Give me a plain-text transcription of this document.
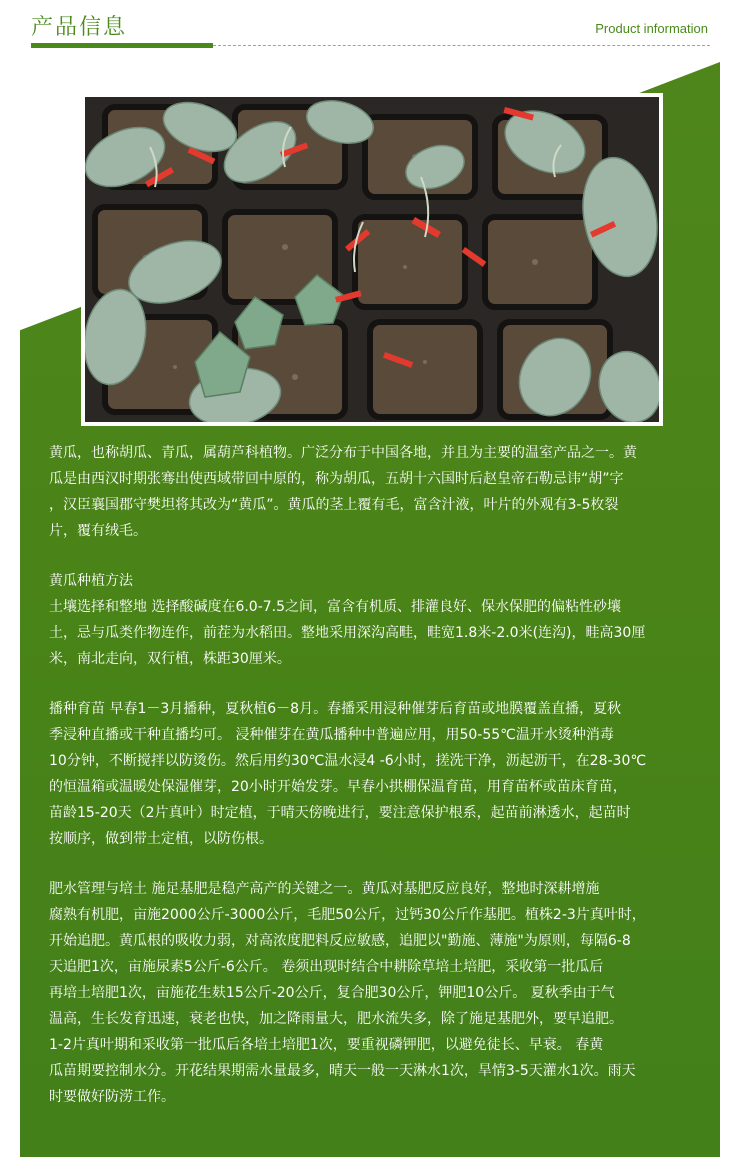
产品信息	Product information

黄瓜，也称胡瓜、青瓜，属葫芦科植物。广泛分布于中国各地，并且为主要的温室产品之一。黄

瓜是由西汉时期张骞出使西域带回中原的，称为胡瓜，五胡十六国时后赵皇帝石勒忌讳“胡”字

，汉臣襄国郡守樊坦将其改为“黄瓜”。黄瓜的茎上覆有毛，富含汁液，叶片的外观有3-5枚裂

片，覆有绒毛。

黄瓜种植方法

土壤选择和整地 选择酸碱度在6.0-7.5之间，富含有机质、排灌良好、保水保肥的偏粘性砂壤

土，忌与瓜类作物连作，前茬为水稻田。整地采用深沟高畦，畦宽1.8米-2.0米(连沟)，畦高30厘

米，南北走向，双行植，株距30厘米。

播种育苗 早春1－3月播种，夏秋植6－8月。春播采用浸种催芽后育苗或地膜覆盖直播，夏秋

季浸种直播或干种直播均可。 浸种催芽在黄瓜播种中普遍应用，用50-55℃温开水烫种消毒

10分钟，不断搅拌以防烫伤。然后用约30℃温水浸4 -6小时，搓洗干净，沥起沥干，在28-30℃

的恒温箱或温暖处保湿催芽，20小时开始发芽。早春小拱棚保温育苗，用育苗杯或苗床育苗，

苗龄15-20天（2片真叶）时定植，于晴天傍晚进行，要注意保护根系，起苗前淋透水，起苗时

按顺序，做到带土定植，以防伤根。

肥水管理与培土 施足基肥是稳产高产的关键之一。黄瓜对基肥反应良好，整地时深耕增施

腐熟有机肥，亩施2000公斤-3000公斤，毛肥50公斤，过钙30公斤作基肥。植株2-3片真叶时，

开始追肥。黄瓜根的吸收力弱，对高浓度肥料反应敏感，追肥以"勤施、薄施"为原则，每隔6-8

天追肥1次，亩施尿素5公斤-6公斤。 卷须出现时结合中耕除草培土培肥，采收第一批瓜后

再培土培肥1次，亩施花生麸15公斤-20公斤，复合肥30公斤，钾肥10公斤。 夏秋季由于气

温高，生长发育迅速，衰老也快，加之降雨量大，肥水流失多，除了施足基肥外，要早追肥。

1-2片真叶期和采收第一批瓜后各培土培肥1次，要重视磷钾肥，以避免徒长、早衰。 春黄

瓜苗期要控制水分。开花结果期需水量最多，晴天一般一天淋水1次，旱情3-5天灌水1次。雨天

时要做好防涝工作。
